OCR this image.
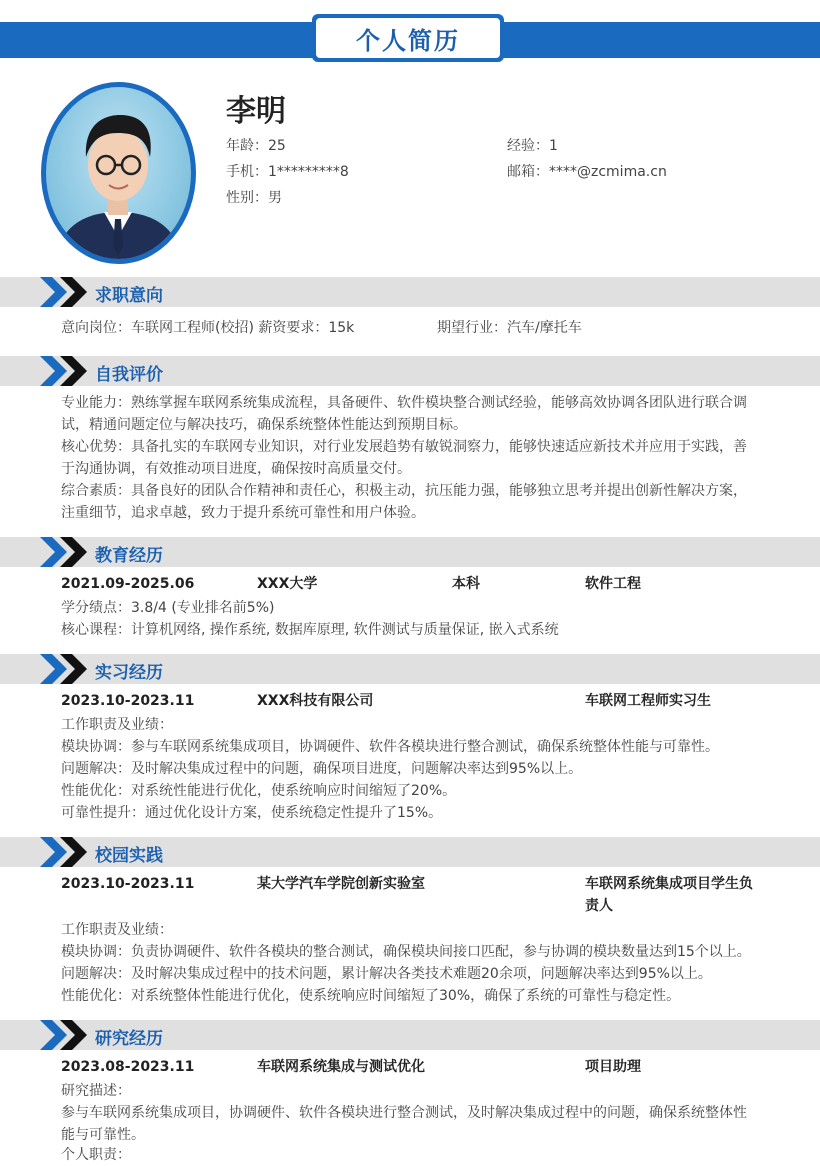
个人简历
李明
年龄：25	经验：1
手机：1*********8	邮箱：****@zcmima.cn
性别：男
求职意向
意向岗位：车联网工程师(校招) 薪资要求：15k	期望行业：汽车/摩托车
自我评价
专业能力：熟练掌握车联网系统集成流程，具备硬件、软件模块整合测试经验，能够高效协调各团队进行联合调
试，精通问题定位与解决技巧，确保系统整体性能达到预期目标。
核心优势：具备扎实的车联网专业知识，对行业发展趋势有敏锐洞察力，能够快速适应新技术并应用于实践，善
于沟通协调，有效推动项目进度，确保按时高质量交付。
综合素质：具备良好的团队合作精神和责任心，积极主动，抗压能力强，能够独立思考并提出创新性解决方案，
注重细节，追求卓越，致力于提升系统可靠性和用户体验。
教育经历
2021.09-2025.06	XXX大学	本科	软件工程
学分绩点：3.8/4 (专业排名前5%)
核心课程：计算机网络, 操作系统, 数据库原理, 软件测试与质量保证, 嵌入式系统
实习经历
2023.10-2023.11	XXX科技有限公司	车联网工程师实习生
工作职责及业绩：
模块协调：参与车联网系统集成项目，协调硬件、软件各模块进行整合测试，确保系统整体性能与可靠性。
问题解决：及时解决集成过程中的问题，确保项目进度，问题解决率达到95%以上。
性能优化：对系统性能进行优化，使系统响应时间缩短了20%。
可靠性提升：通过优化设计方案，使系统稳定性提升了15%。
校园实践
2023.10-2023.11	某大学汽车学院创新实验室	车联网系统集成项目学生负
责人
工作职责及业绩：
模块协调：负责协调硬件、软件各模块的整合测试，确保模块间接口匹配，参与协调的模块数量达到15个以上。
问题解决：及时解决集成过程中的技术问题，累计解决各类技术难题20余项，问题解决率达到95%以上。
性能优化：对系统整体性能进行优化，使系统响应时间缩短了30%，确保了系统的可靠性与稳定性。
研究经历
2023.08-2023.11	车联网系统集成与测试优化	项目助理
研究描述：
参与车联网系统集成项目，协调硬件、软件各模块进行整合测试，及时解决集成过程中的问题，确保系统整体性
能与可靠性。
个人职责：
